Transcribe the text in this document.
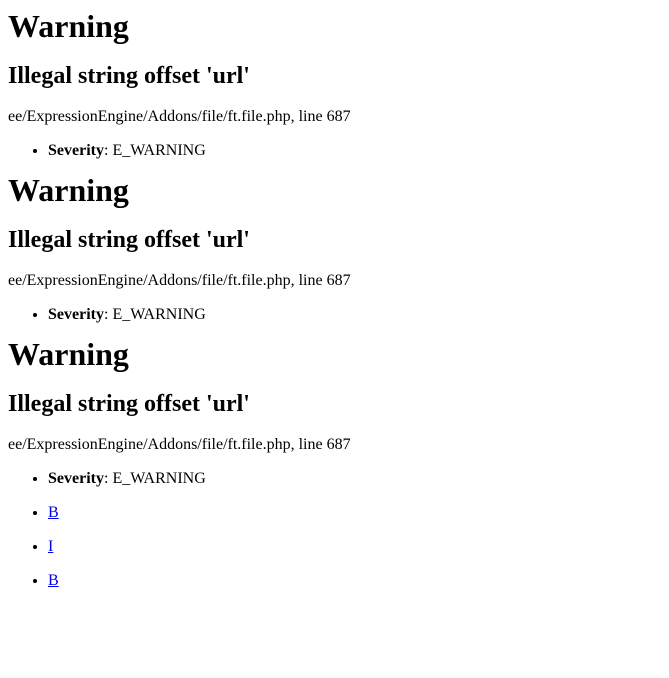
Warning
Illegal string offset 'url'

ee/ExpressionEngine/Addons/file/ft.file.php, line 687

• Severity: E_WARNING
Warning
Illegal string offset 'url'

ee/ExpressionEngine/Addons/file/ft.file.php, line 687

• Severity: E_WARNING
Warning
Illegal string offset 'url'

ee/ExpressionEngine/Addons/file/ft.file.php, line 687

• Severity: E_WARNING
• B
• I
• B
